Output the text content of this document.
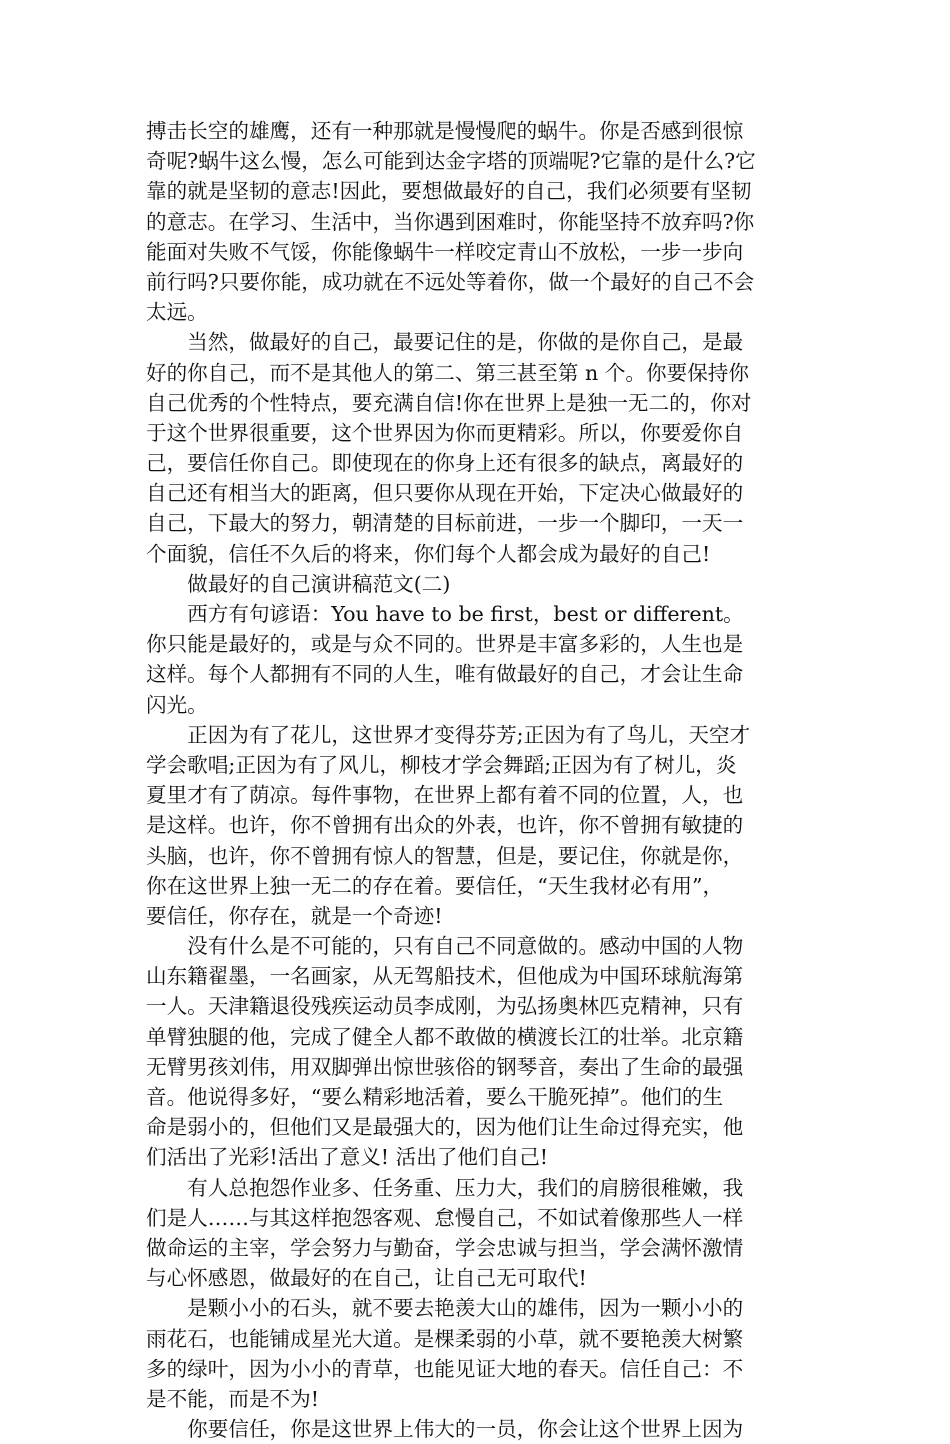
搏击长空的雄鹰，还有一种那就是慢慢爬的蜗牛。你是否感到很惊
奇呢?蜗牛这么慢，怎么可能到达金字塔的顶端呢?它靠的是什么?它
靠的就是坚韧的意志!因此，要想做最好的自己，我们必须要有坚韧
的意志。在学习、生活中，当你遇到困难时，你能坚持不放弃吗?你
能面对失败不气馁，你能像蜗牛一样咬定青山不放松，一步一步向
前行吗?只要你能，成功就在不远处等着你，做一个最好的自己不会
太远。
　　当然，做最好的自己，最要记住的是，你做的是你自己，是最
好的你自己，而不是其他人的第二、第三甚至第 n 个。你要保持你
自己优秀的个性特点，要充满自信!你在世界上是独一无二的，你对
于这个世界很重要，这个世界因为你而更精彩。所以，你要爱你自
己，要信任你自己。即使现在的你身上还有很多的缺点，离最好的
自己还有相当大的距离，但只要你从现在开始，下定决心做最好的
自己，下最大的努力，朝清楚的目标前进，一步一个脚印，一天一
个面貌，信任不久后的将来，你们每个人都会成为最好的自己!
　　做最好的自己演讲稿范文(二)
　　西方有句谚语：You have to be first，best or different。
你只能是最好的，或是与众不同的。世界是丰富多彩的，人生也是
这样。每个人都拥有不同的人生，唯有做最好的自己，才会让生命
闪光。
　　正因为有了花儿，这世界才变得芬芳;正因为有了鸟儿，天空才
学会歌唱;正因为有了风儿，柳枝才学会舞蹈;正因为有了树儿，炎
夏里才有了荫凉。每件事物，在世界上都有着不同的位置，人，也
是这样。也许，你不曾拥有出众的外表，也许，你不曾拥有敏捷的
头脑，也许，你不曾拥有惊人的智慧，但是，要记住，你就是你，
你在这世界上独一无二的存在着。要信任，“天生我材必有用”，
要信任，你存在，就是一个奇迹!
　　没有什么是不可能的，只有自己不同意做的。感动中国的人物
山东籍翟墨，一名画家，从无驾船技术，但他成为中国环球航海第
一人。天津籍退役残疾运动员李成刚，为弘扬奥林匹克精神，只有
单臂独腿的他，完成了健全人都不敢做的横渡长江的壮举。北京籍
无臂男孩刘伟，用双脚弹出惊世骇俗的钢琴音，奏出了生命的最强
音。他说得多好，“要么精彩地活着，要么干脆死掉”。他们的生
命是弱小的，但他们又是最强大的，因为他们让生命过得充实，他
们活出了光彩!活出了意义! 活出了他们自己!
　　有人总抱怨作业多、任务重、压力大，我们的肩膀很稚嫩，我
们是人……与其这样抱怨客观、怠慢自己，不如试着像那些人一样
做命运的主宰，学会努力与勤奋，学会忠诚与担当，学会满怀激情
与心怀感恩，做最好的在自己，让自己无可取代!
　　是颗小小的石头，就不要去艳羡大山的雄伟，因为一颗小小的
雨花石，也能铺成星光大道。是棵柔弱的小草，就不要艳羡大树繁
多的绿叶，因为小小的青草，也能见证大地的春天。信任自己：不
是不能，而是不为!
　　你要信任，你是这世界上伟大的一员，你会让这个世界上因为
